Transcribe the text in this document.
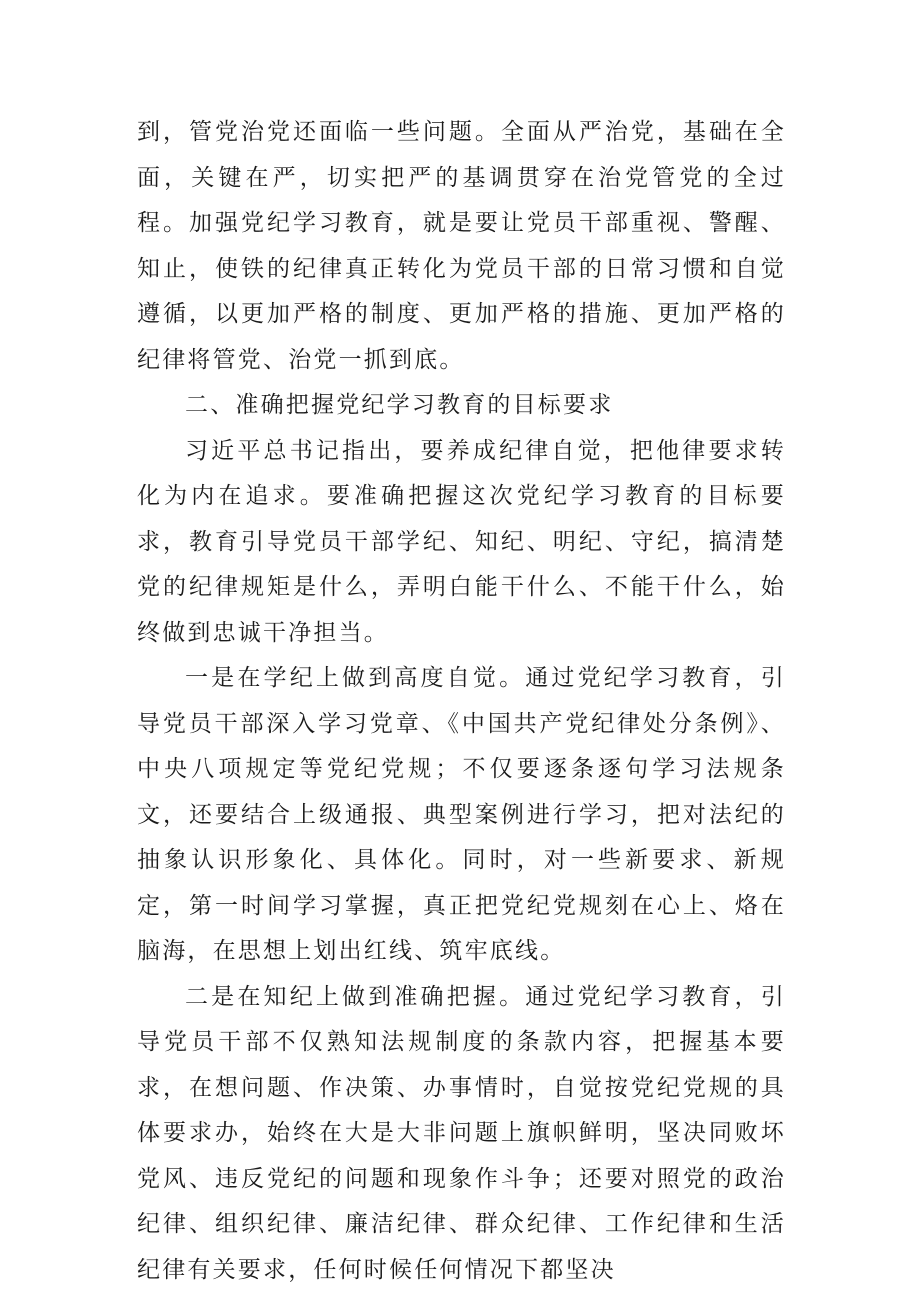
到，管党治党还面临一些问题。全面从严治党，基础在全面，关键在严，切实把严的基调贯穿在治党管党的全过程。加强党纪学习教育，就是要让党员干部重视、警醒、知止，使铁的纪律真正转化为党员干部的日常习惯和自觉遵循，以更加严格的制度、更加严格的措施、更加严格的纪律将管党、治党一抓到底。

二、准确把握党纪学习教育的目标要求

习近平总书记指出，要养成纪律自觉，把他律要求转化为内在追求。要准确把握这次党纪学习教育的目标要求，教育引导党员干部学纪、知纪、明纪、守纪，搞清楚党的纪律规矩是什么，弄明白能干什么、不能干什么，始终做到忠诚干净担当。

一是在学纪上做到高度自觉。通过党纪学习教育，引导党员干部深入学习党章、《中国共产党纪律处分条例》、中央八项规定等党纪党规；不仅要逐条逐句学习法规条文，还要结合上级通报、典型案例进行学习，把对法纪的抽象认识形象化、具体化。同时，对一些新要求、新规定，第一时间学习掌握，真正把党纪党规刻在心上、烙在脑海，在思想上划出红线、筑牢底线。

二是在知纪上做到准确把握。通过党纪学习教育，引导党员干部不仅熟知法规制度的条款内容，把握基本要求，在想问题、作决策、办事情时，自觉按党纪党规的具体要求办，始终在大是大非问题上旗帜鲜明，坚决同败坏党风、违反党纪的问题和现象作斗争；还要对照党的政治纪律、组织纪律、廉洁纪律、群众纪律、工作纪律和生活纪律有关要求，任何时候任何情况下都坚决
